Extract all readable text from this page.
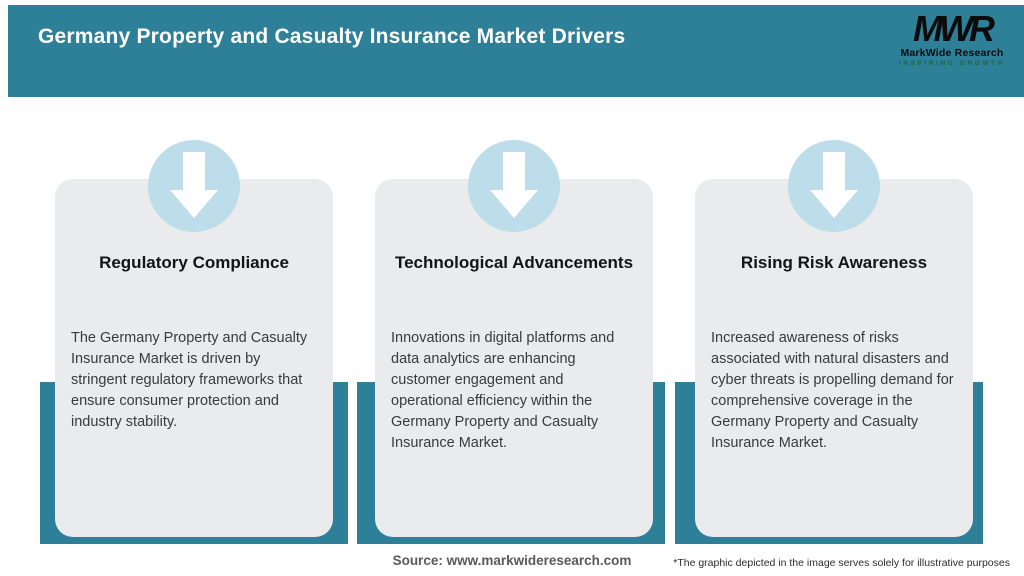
Germany Property and Casualty Insurance Market Drivers	MWR
MarkWide Research
INSPIRING GROWTH
Regulatory Compliance

The Germany Property and Casualty Insurance Market is driven by stringent regulatory frameworks that ensure consumer protection and industry stability.

Technological Advancements

Innovations in digital platforms and data analytics are enhancing customer engagement and operational efficiency within the Germany Property and Casualty Insurance Market.

Rising Risk Awareness

Increased awareness of risks associated with natural disasters and cyber threats is propelling demand for comprehensive coverage in the Germany Property and Casualty Insurance Market.

Source: www.markwideresearch.com	*The graphic depicted in the image serves solely for illustrative purposes
